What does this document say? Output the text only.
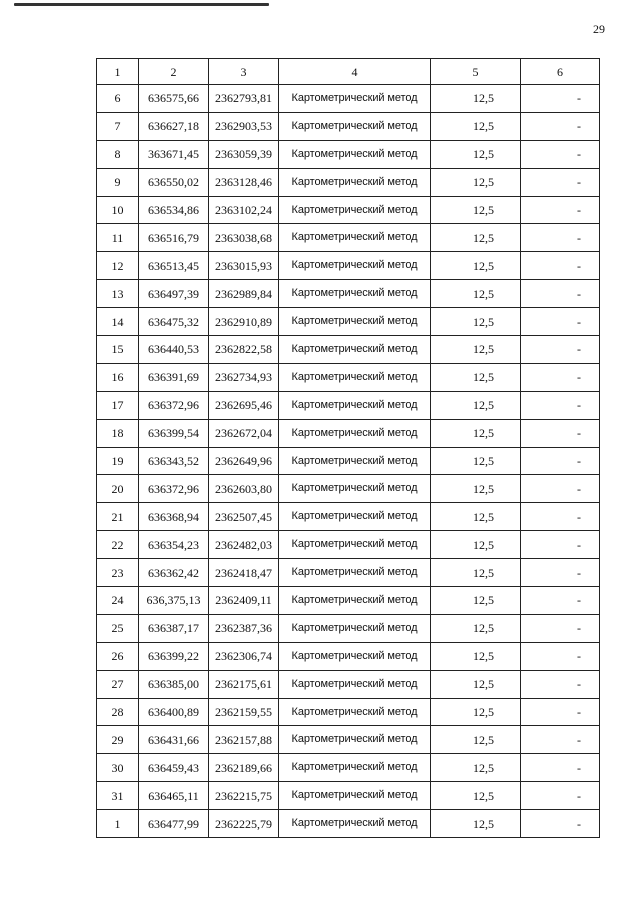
29
1	2	3	4	5	6
6	636575,66	2362793,81	Картометрический метод	12,5	-
7	636627,18	2362903,53	Картометрический метод	12,5	-
8	363671,45	2363059,39	Картометрический метод	12,5	-
9	636550,02	2363128,46	Картометрический метод	12,5	-
10	636534,86	2363102,24	Картометрический метод	12,5	-
11	636516,79	2363038,68	Картометрический метод	12,5	-
12	636513,45	2363015,93	Картометрический метод	12,5	-
13	636497,39	2362989,84	Картометрический метод	12,5	-
14	636475,32	2362910,89	Картометрический метод	12,5	-
15	636440,53	2362822,58	Картометрический метод	12,5	-
16	636391,69	2362734,93	Картометрический метод	12,5	-
17	636372,96	2362695,46	Картометрический метод	12,5	-
18	636399,54	2362672,04	Картометрический метод	12,5	-
19	636343,52	2362649,96	Картометрический метод	12,5	-
20	636372,96	2362603,80	Картометрический метод	12,5	-
21	636368,94	2362507,45	Картометрический метод	12,5	-
22	636354,23	2362482,03	Картометрический метод	12,5	-
23	636362,42	2362418,47	Картометрический метод	12,5	-
24	636,375,13	2362409,11	Картометрический метод	12,5	-
25	636387,17	2362387,36	Картометрический метод	12,5	-
26	636399,22	2362306,74	Картометрический метод	12,5	-
27	636385,00	2362175,61	Картометрический метод	12,5	-
28	636400,89	2362159,55	Картометрический метод	12,5	-
29	636431,66	2362157,88	Картометрический метод	12,5	-
30	636459,43	2362189,66	Картометрический метод	12,5	-
31	636465,11	2362215,75	Картометрический метод	12,5	-
1	636477,99	2362225,79	Картометрический метод	12,5	-
